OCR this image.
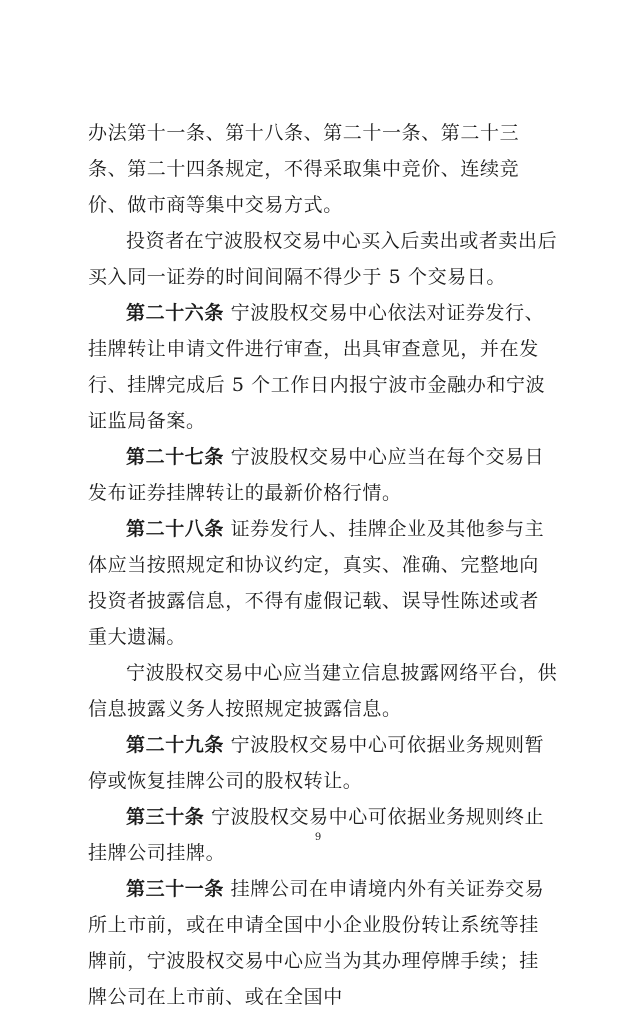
办法第十一条、第十八条、第二十一条、第二十三条、第二十四条规定，不得采取集中竞价、连续竞价、做市商等集中交易方式。

投资者在宁波股权交易中心买入后卖出或者卖出后买入同一证券的时间间隔不得少于 5 个交易日。

第二十六条 宁波股权交易中心依法对证券发行、挂牌转让申请文件进行审查，出具审查意见，并在发行、挂牌完成后 5 个工作日内报宁波市金融办和宁波证监局备案。

第二十七条 宁波股权交易中心应当在每个交易日发布证券挂牌转让的最新价格行情。

第二十八条 证券发行人、挂牌企业及其他参与主体应当按照规定和协议约定，真实、准确、完整地向投资者披露信息，不得有虚假记载、误导性陈述或者重大遗漏。

宁波股权交易中心应当建立信息披露网络平台，供信息披露义务人按照规定披露信息。

第二十九条 宁波股权交易中心可依据业务规则暂停或恢复挂牌公司的股权转让。

第三十条 宁波股权交易中心可依据业务规则终止挂牌公司挂牌。

第三十一条 挂牌公司在申请境内外有关证券交易所上市前，或在申请全国中小企业股份转让系统等挂牌前，宁波股权交易中心应当为其办理停牌手续；挂牌公司在上市前、或在全国中

9
